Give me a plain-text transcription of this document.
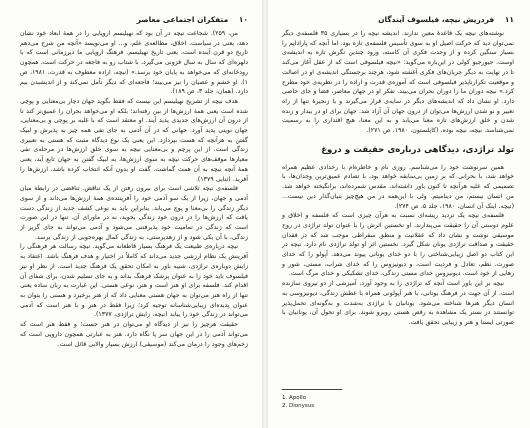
۱۰ متفکران اجتماعی معاصر

من، ۲۵۹). شجاعت نیچه در آن بود که نهیلیسم اروپایی را در همهٔ ابعاد خود نشان دهد، یعنی در سیاست، اخلاق، مطالعه‌ی علم، و... او می‌نویسد «آنچه من شرح می‌دهم تاریخ دو قرن آینده است، یعنی تاریخ نهیلیسم. فرهنگ اروپایی ما دیرزمانی است که با دلهره‌ای که سال به سال فزونی می‌گیرد، با شتاب رو به فاجعه در حرکت است، همچون رودخانه‌ای که می‌خواهد به پایان خود برسد.» (نیچه، اراده معطوف به قدرت، ۱۹۸۱، ص ۱). او خشم و عصیان را نیز می‌بیند؛ فاجعه‌ای که دیگر تأمل نمی‌کند و از اندیشیدن بیم دارد. (همان، جلد ۳، ص ۱۸۹).

هدف نیچه از تشریح نهیلیسم این نیست که فقط بگوید جهان دچار بی‌معنایی و پوچی شده است یعنی همهٔ ارزش‌ها از بین رفته‌اند؛ بلکه او می‌خواهد بحران را عمیق‌تر کند تا از درون آن ارزش‌های جدیدی پدید آیند. او معتقد است که با غلبه بر پوچی و بی‌معنایی، جهان نوینی پدید آورد. جهانی که در آن آدمی به جای تفی همه چیز به پذیرش و لبیک گفتن به هرآنچه که هست بپردازد. این یعنی یک نوع دیدگاه مثبت که هستی به تعبیری زندگی است. از این پرچم و بی‌معنایی نیچه به سوی خلق ارزش‌ها در مرحله‌ی نفی معیارها موقف‌های حرکت نیچه به سوی ارزش‌ها، به لبیک گفتن به جهان تابع آید، یعنی همهٔ آنچه نیچه به آن همت گماشت. گفت او بدون آنکه انتخاب کرده باشد، ارزش‌ها را آفرید. (ثنایی ۱۳۷۹).

فلسفه‌ی نیچه تلاشی است برای بیرون رفتن از یک تناقض. تناقضی در رابطهٔ میان آدمی و جهان، زیرا از یک سو آدمی خود را آفریننده‌ی همهٔ ارزش‌ها می‌داند و از سوی دیگر زندگی را بی‌معنا و پوچ می‌یابد. بنابراین باید به نوعی کشف جدید از زندگی دست یافت که ارزش‌ها را در درون خود زندگی بجوید، نه در ماورای آن. تنها در این صورت است که زندگی در تمامیت خود پذیرفتنی می‌شود و آدمی می‌تواند به جای گریز از زندگی، با آن یکی شود و از زهدپرستی، به زندگی کمال بهره‌جویی از زندگی برسد.

نیچه درباره‌ی طبیعت یک فرهنگ بسیار قاطعانه می‌گوید. نیچه رسالت هر فرهنگی را آفرینش یک نظام ارزشی جدید می‌داند که کاملاً در اختیار و هدف فرهنگ باشد. اعتقاد به زایش دوباره‌ی تراژدی، شبیه باور به امکان تحقق یک فرهنگ جدید است. از نظر او نیز فیلسوف باید خود را به عنوان پزشک فرهنگ بداند و به جای تسلیم شدن، برای شفای آن اقدام کند. فلسفه برای او هنر است و هنر، نوعی هستی. این عبارت به زبان ساده یعنی تنها از راه هنر می‌توان به جهان هستی معنایی داد که از هنر برخیزد و هستی را بتوان به عنوان پدیده‌ای زیبایی‌شناسانه توجیه کرد؛ زیرا فقط در هنر و با هنر است که آدمی می‌تواند در زندگی خود را بیابد (نیچه، زایش تراژدی، ۱۳۷۷).

حقیقت هرچیز را نیز از دیدگاه او می‌توان در هنر جست؛ و فقط هنر است که می‌تواند آدمی را در این جهان سر پا نگاه دارد. هنر به عبارتی همچون دارویی است که زخم‌های وجود را درمان می‌کند (موسیقی) ارزش بسیار والایی قائل است.

۱۱ فردریش نیچه، فیلسوف آیندگان

نوشته‌های نیچه یک قاعدهٔ معین ندارند. اندیشه نیچه را در بسیاری ۳۵ فلسفه‌ی دیگر نمی‌توان دید که حرکت اصیل او به سوی تأسیس فلسفه‌ی تازه بود. اما آنچه که پارادایم را بسیار سنگین کرده و از وحدت فکری آن کاسته، ورود چندین نگرش تازه به اندیشه‌ی اوست. جیورجیو کولی در این‌باره می‌گوید: «نیچه فیلسوفی است که از عقل آغاز می‌کند تا در نهایت به دیگر جریان‌های فکری آغشته شود، هرچند برجستگی اندیشه‌ی او در اصالت و موقعیت تکرارناپذیر فیلسوفی است که آموزه‌ی قدرت و اراده را در نظریه‌ی خود مطرح کرد.» نیچه دوران ما را دوران بحران می‌بیند. تفکر او در جهان معاصر، فضا و جای خاصی دارد. او نشان داد که اندیشه‌های دیگر در سایه‌ی قرار می‌گیرند و با زنجیرهٔ تنها از راه تغییر و نو شدن ارزش‌ها می‌توان از درون جهان آن آزاد شد. جهان برای او در بیدار و زنده شدن و خلق ارزش‌های تازه معنا می‌یابد و به این معنا، هیچ اقتداری را به رسمیت نمی‌شناسد. نیچه، نیچه بوده. (کاپلستون، ۱۹۸۰، ص ۲۷۱).

تولد تراژدی، دیدگاهی درباره‌ی حقیقت و دروغ

همین سرنوشت خود را می‌شناسم. روزی نام و خاطره‌ام با رخدادی عظیم همراه خواهد شد، با بحرانی که بر زمین بی‌سابقه خواهد بود، با تصادم عمیق‌ترین وجدان‌ها، با تصمیمی که علیه هرآنچه تا کنون باور داشته‌اند، مقدس شمرده‌اند، برانگیخته خواهد شد. من انسان نیستم، من دینامیتم. ولی با این‌همه در من هیچ‌چیز بنیان‌گذار دین نیست... (نیچه، اینک آن انسان، ۱۹۸۰، جلد ۵، ص ۲۷۴).

فلسفه‌ی نیچه یک تردید ریشه‌ای نسبت به هرآن چیزی است که فلسفه و اخلاق و علوم دوستی آن را حقیقت می‌پندارند. او نخستین اثرش را با عنوان تولد تراژدی در روح موسیقی نوشت و نشان داد که عقلانیت و منطق سقراطی موجب شد که در فقدان حقیقت و صداقت تراژدی یونان شکل گیرد. نخستین اثر او تولد تراژدی نام دارد. نیچه در این کتاب دو اصل زیبایی‌شناختی را با دو خدای یونانی پیوند می‌دهد. آپولو را که خدای صورت، نظم، تعادل و فردیت است، و دیونیزوس را که خدای شراب، مستی، شور و رهایی از خود است. دیونیزوس خدای مستی زندگی، خدای تشکیکی و خدای مرگ است.

نیچه بر این باور است آنچه که تراژدی را به وجود آورد، آمیزشی از دو نیروی سازنده است. از آن جهت در فرهنگ یونانی، با هنر آپولونی همراه با عطش زندگی، دیونیزوسی به انسان دیگر هنرها شناخته می‌شود. یونانیان با تراژدی به‌شدت و به‌گونه‌ای تحمل‌پذیر توانستند در بستر یک مشاهده به رقص هستی روبرو شوند. برای او تحول آن، یونانیان با صورتی ایستا و هنر و زیبایی تحقق یافت.

1. Apollo

2. Dionysus
